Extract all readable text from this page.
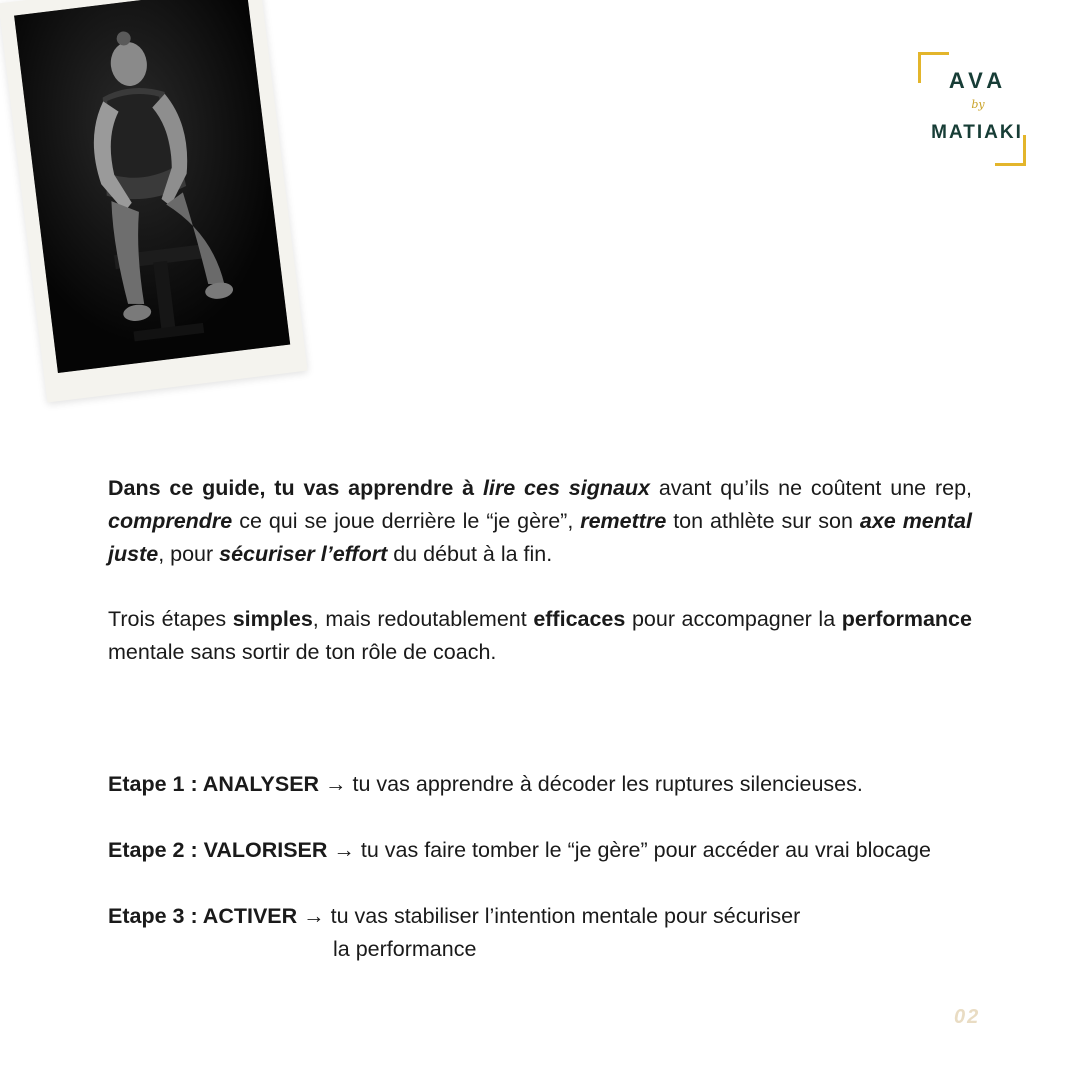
AVA
by
MATIAKI
Dans ce guide, tu vas apprendre à lire ces signaux avant qu’ils ne coûtent une rep, comprendre ce qui se joue derrière le “je gère”, remettre ton athlète sur son axe mental juste, pour sécuriser l’effort du début à la fin.
Trois étapes simples, mais redoutablement efficaces pour accompagner la performance mentale sans sortir de ton rôle de coach.
Etape 1 : ANALYSER → tu vas apprendre à décoder les ruptures silencieuses.
Etape 2 : VALORISER → tu vas faire tomber le “je gère” pour accéder au vrai blocage
Etape 3 : ACTIVER → tu vas stabiliser l’intention mentale pour sécuriser
la performance
02
